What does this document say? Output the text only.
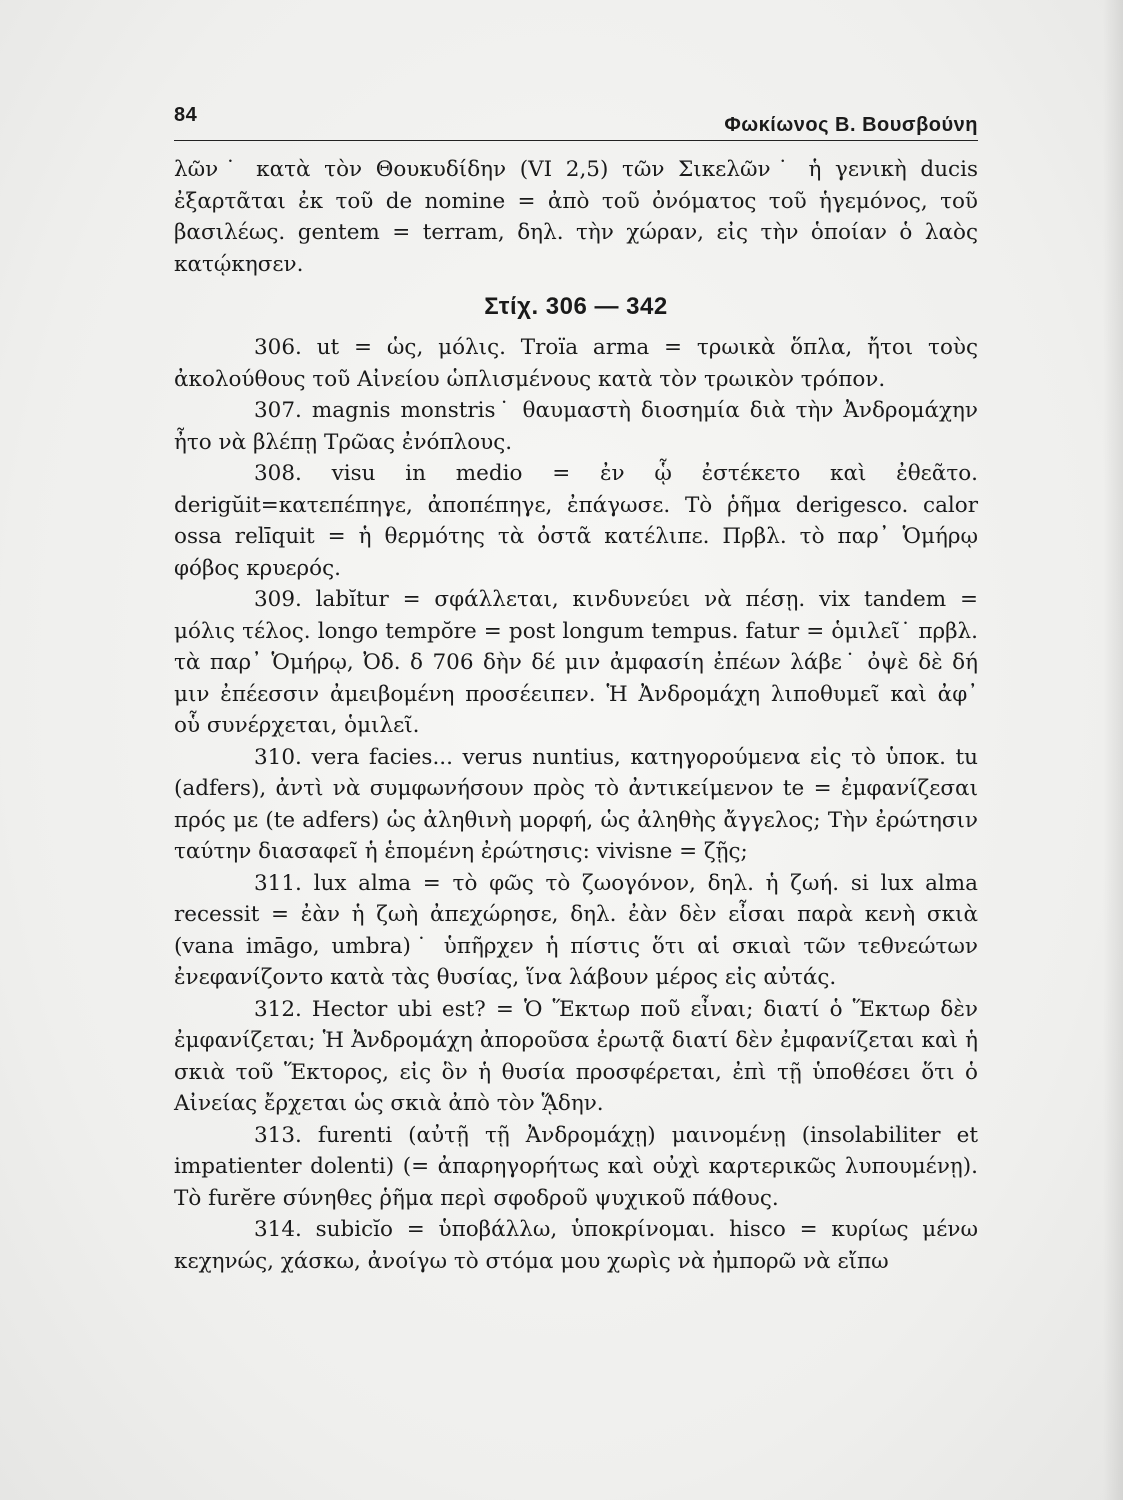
84	Φωκίωνος Β. Βουσβούνη

λῶν˙ κατὰ τὸν Θουκυδίδην (VI 2,5) τῶν Σικελῶν˙ ἡ γενικὴ ducis ἐξαρτᾶται ἐκ τοῦ de nomine = ἀπὸ τοῦ ὀνόματος τοῦ ἡγεμόνος, τοῦ βασιλέως. gentem = terram, δηλ. τὴν χώραν, εἰς τὴν ὁποίαν ὁ λαὸς κατῴκησεν.

Στίχ. 306 — 342

306. ut = ὡς, μόλις. Troïa arma = τρωικὰ ὅπλα, ἤτοι τοὺς ἀκολούθους τοῦ Αἰνείου ὡπλισμένους κατὰ τὸν τρωικὸν τρόπον.

307. magnis monstris˙ θαυμαστὴ διοσημία διὰ τὴν Ἀνδρομάχην ἦτο νὰ βλέπῃ Τρῶας ἐνόπλους.

308. visu in medio = ἐν ᾧ ἐστέκετο καὶ ἐθεᾶτο. derigŭit=κατεπέπηγε, ἀποπέπηγε, ἐπάγωσε. Τὸ ῥῆμα derigesco. calor ossa relīquit = ἡ θερμότης τὰ ὀστᾶ κατέλιπε. Πρβλ. τὸ παρ᾽ Ὁμήρῳ φόβος κρυερός.

309. labĭtur = σφάλλεται, κινδυνεύει νὰ πέσῃ. vix tandem = μόλις τέλος. longo tempŏre = post longum tempus. fatur = ὁμιλεῖ˙ πρβλ. τὰ παρ᾽ Ὁμήρῳ, Ὀδ. δ 706 δὴν δέ μιν ἀμφασίη ἐπέων λάβε˙ ὀψὲ δὲ δή μιν ἐπέεσσιν ἀμειβομένη προσέειπεν. Ἡ Ἀνδρομάχη λιποθυμεῖ καὶ ἀφ᾽ οὗ συνέρχεται, ὁμιλεῖ.

310. vera facies... verus nuntius, κατηγορούμενα εἰς τὸ ὑποκ. tu (adfers), ἀντὶ νὰ συμφωνήσουν πρὸς τὸ ἀντικείμενον te = ἐμφανίζεσαι πρός με (te adfers) ὡς ἀληθινὴ μορφή, ὡς ἀληθὴς ἄγγελος; Τὴν ἐρώτησιν ταύτην διασαφεῖ ἡ ἑπομένη ἐρώτησις: vivisne = ζῇς;

311. lux alma = τὸ φῶς τὸ ζωογόνον, δηλ. ἡ ζωή. si lux alma recessit = ἐὰν ἡ ζωὴ ἀπεχώρησε, δηλ. ἐὰν δὲν εἶσαι παρὰ κενὴ σκιὰ (vana imāgo, umbra)˙ ὑπῆρχεν ἡ πίστις ὅτι αἱ σκιαὶ τῶν τεθνεώτων ἐνεφανίζοντο κατὰ τὰς θυσίας, ἵνα λάβουν μέρος εἰς αὐτάς.

312. Hector ubi est? = Ὁ Ἕκτωρ ποῦ εἶναι; διατί ὁ Ἕκτωρ δὲν ἐμφανίζεται; Ἡ Ἀνδρομάχη ἀποροῦσα ἐρωτᾷ διατί δὲν ἐμφανίζεται καὶ ἡ σκιὰ τοῦ Ἕκτορος, εἰς ὃν ἡ θυσία προσφέρεται, ἐπὶ τῇ ὑποθέσει ὅτι ὁ Αἰνείας ἔρχεται ὡς σκιὰ ἀπὸ τὸν ᾍδην.

313. furenti (αὐτῇ τῇ Ἀνδρομάχῃ) μαινομένῃ (insolabiliter et impatienter dolenti) (= ἀπαρηγορήτως καὶ οὐχὶ καρτερικῶς λυπουμένῃ). Τὸ furĕre σύνηθες ῥῆμα περὶ σφοδροῦ ψυχικοῦ πάθους.

314. subicĭo = ὑποβάλλω, ὑποκρίνομαι. hisco = κυρίως μένω κεχηνώς, χάσκω, ἀνοίγω τὸ στόμα μου χωρὶς νὰ ἠμπορῶ νὰ εἴπω
